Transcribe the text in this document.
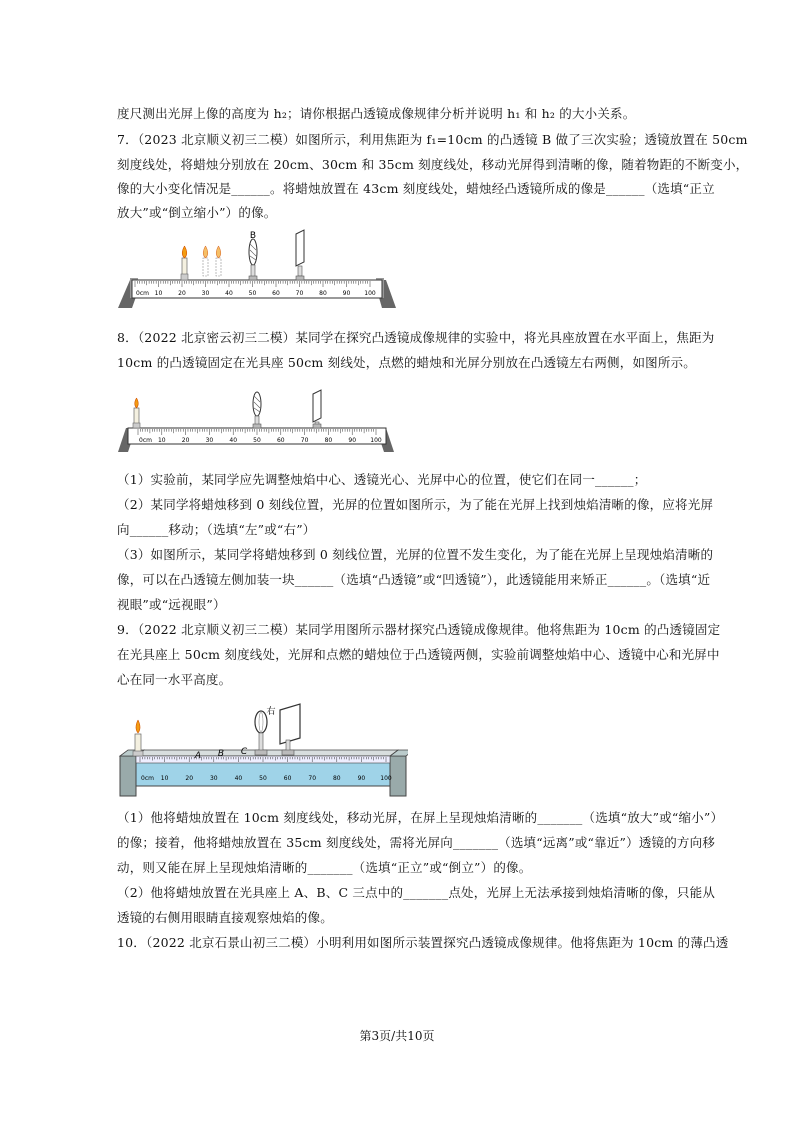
度尺测出光屏上像的高度为 h₂；请你根据凸透镜成像规律分析并说明 h₁ 和 h₂ 的大小关系。
7．（2023 北京顺义初三二模）如图所示，利用焦距为 f₁=10cm 的凸透镜 B 做了三次实验；透镜放置在 50cm
刻度线处，将蜡烛分别放在 20cm、30cm 和 35cm 刻度线处，移动光屏得到清晰的像，随着物距的不断变小，
像的大小变化情况是______。将蜡烛放置在 43cm 刻度线处，蜡烛经凸透镜所成的像是______（选填“正立
放大”或“倒立缩小”）的像。
0cm 10	20	30	40	50	60	70	80	90 100
B
8．（2022 北京密云初三二模）某同学在探究凸透镜成像规律的实验中，将光具座放置在水平面上，焦距为
10cm 的凸透镜固定在光具座 50cm 刻线处，点燃的蜡烛和光屏分别放在凸透镜左右两侧，如图所示。
0cm 10	20	30	40	50	60	70	80	90 100
（1）实验前，某同学应先调整烛焰中心、透镜光心、光屏中心的位置，使它们在同一______；
（2）某同学将蜡烛移到 0 刻线位置，光屏的位置如图所示，为了能在光屏上找到烛焰清晰的像，应将光屏
向______移动；（选填“左”或“右”）
（3）如图所示，某同学将蜡烛移到 0 刻线位置，光屏的位置不发生变化，为了能在光屏上呈现烛焰清晰的
像，可以在凸透镜左侧加装一块______（选填“凸透镜”或“凹透镜”），此透镜能用来矫正______。（选填“近
视眼”或“远视眼”）
9．（2022 北京顺义初三二模）某同学用图所示器材探究凸透镜成像规律。他将焦距为 10cm 的凸透镜固定
在光具座上 50cm 刻度线处，光屏和点燃的蜡烛位于凸透镜两侧，实验前调整烛焰中心、透镜中心和光屏中
心在同一水平高度。
0cm 10	20	30	40	50	60	70	80	90	100
A B C
右
（1）他将蜡烛放置在 10cm 刻度线处，移动光屏，在屏上呈现烛焰清晰的_______（选填“放大”或“缩小”）
的像；接着，他将蜡烛放置在 35cm 刻度线处，需将光屏向_______（选填“远离”或“靠近”）透镜的方向移
动，则又能在屏上呈现烛焰清晰的_______（选填“正立”或“倒立”）的像。
（2）他将蜡烛放置在光具座上 A、B、C 三点中的_______点处，光屏上无法承接到烛焰清晰的像，只能从
透镜的右侧用眼睛直接观察烛焰的像。
10．（2022 北京石景山初三二模）小明利用如图所示装置探究凸透镜成像规律。他将焦距为 10cm 的薄凸透
第3页/共10页
